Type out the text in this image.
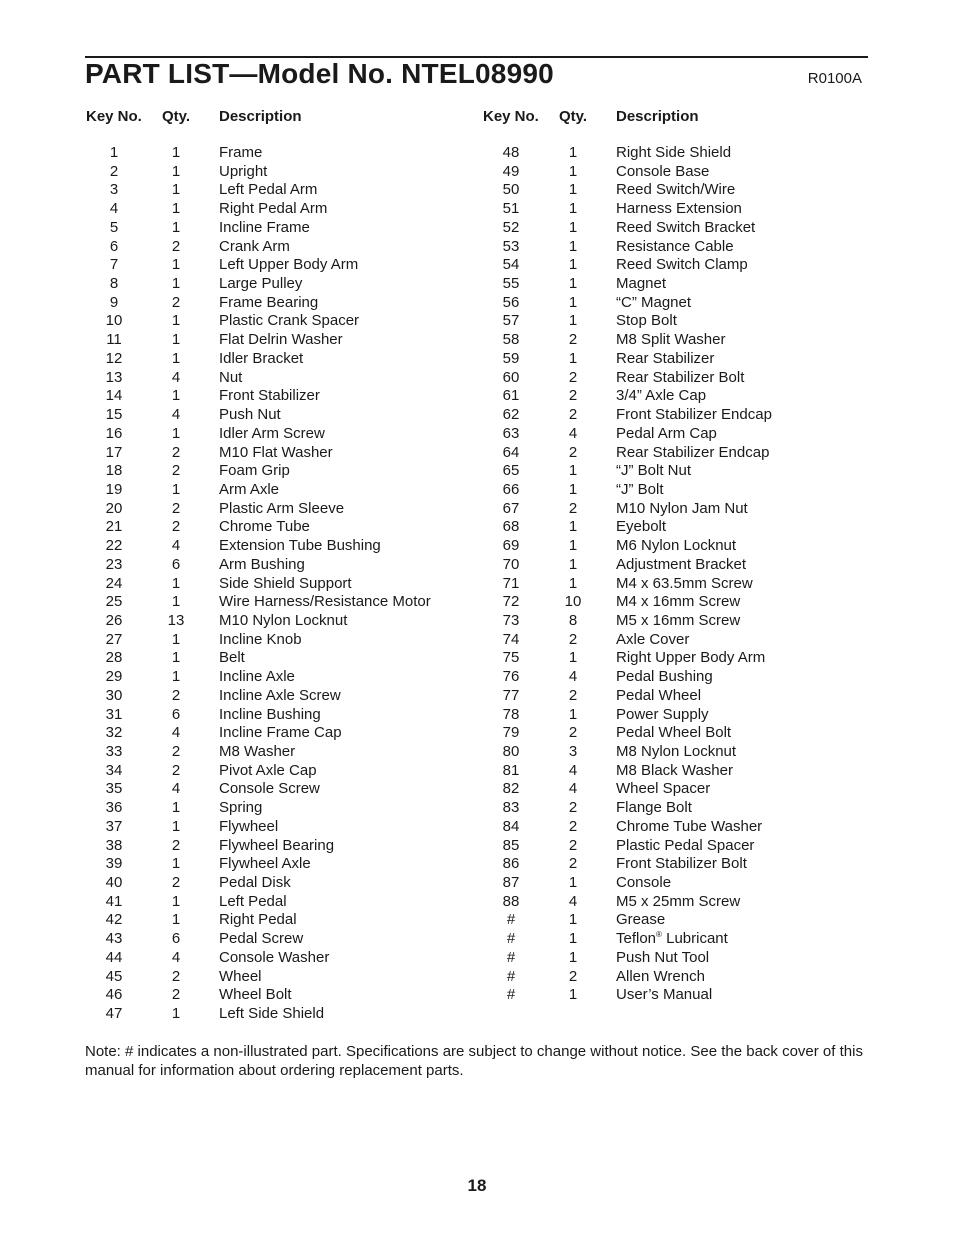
PART LIST—Model No. NTEL08990	R0100A
Key No. Qty. Description	Key No. Qty. Description
1	1	Frame
2	1	Upright
3	1	Left Pedal Arm
4	1	Right Pedal Arm
5	1	Incline Frame
6	2	Crank Arm
7	1	Left Upper Body Arm
8	1	Large Pulley
9	2	Frame Bearing
10	1	Plastic Crank Spacer
11	1	Flat Delrin Washer
12	1	Idler Bracket
13	4	Nut
14	1	Front Stabilizer
15	4	Push Nut
16	1	Idler Arm Screw
17	2	M10 Flat Washer
18	2	Foam Grip
19	1	Arm Axle
20	2	Plastic Arm Sleeve
21	2	Chrome Tube
22	4	Extension Tube Bushing
23	6	Arm Bushing
24	1	Side Shield Support
25	1	Wire Harness/Resistance Motor
26	13	M10 Nylon Locknut
27	1	Incline Knob
28	1	Belt
29	1	Incline Axle
30	2	Incline Axle Screw
31	6	Incline Bushing
32	4	Incline Frame Cap
33	2	M8 Washer
34	2	Pivot Axle Cap
35	4	Console Screw
36	1	Spring
37	1	Flywheel
38	2	Flywheel Bearing
39	1	Flywheel Axle
40	2	Pedal Disk
41	1	Left Pedal
42	1	Right Pedal
43	6	Pedal Screw
44	4	Console Washer
45	2	Wheel
46	2	Wheel Bolt
47	1	Left Side Shield
48	1	Right Side Shield
49	1	Console Base
50	1	Reed Switch/Wire
51	1	Harness Extension
52	1	Reed Switch Bracket
53	1	Resistance Cable
54	1	Reed Switch Clamp
55	1	Magnet
56	1	“C” Magnet
57	1	Stop Bolt
58	2	M8 Split Washer
59	1	Rear Stabilizer
60	2	Rear Stabilizer Bolt
61	2	3/4” Axle Cap
62	2	Front Stabilizer Endcap
63	4	Pedal Arm Cap
64	2	Rear Stabilizer Endcap
65	1	“J” Bolt Nut
66	1	“J” Bolt
67	2	M10 Nylon Jam Nut
68	1	Eyebolt
69	1	M6 Nylon Locknut
70	1	Adjustment Bracket
71	1	M4 x 63.5mm Screw
72	10	M4 x 16mm Screw
73	8	M5 x 16mm Screw
74	2	Axle Cover
75	1	Right Upper Body Arm
76	4	Pedal Bushing
77	2	Pedal Wheel
78	1	Power Supply
79	2	Pedal Wheel Bolt
80	3	M8 Nylon Locknut
81	4	M8 Black Washer
82	4	Wheel Spacer
83	2	Flange Bolt
84	2	Chrome Tube Washer
85	2	Plastic Pedal Spacer
86	2	Front Stabilizer Bolt
87	1	Console
88	4	M5 x 25mm Screw
#	1	Grease
#	1	Teflon® Lubricant
#	1	Push Nut Tool
#	2	Allen Wrench
#	1	User’s Manual
Note: # indicates a non-illustrated part. Specifications are subject to change without notice. See the back cover of this manual for information about ordering replacement parts.
18
